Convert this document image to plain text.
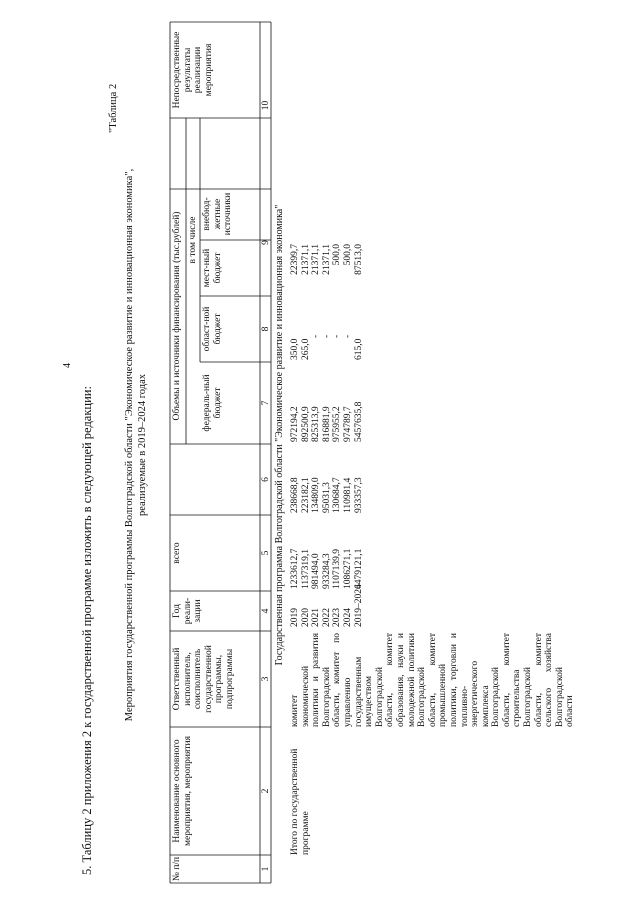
4
5. Таблицу 2 приложения 2 к государственной программе изложить в следующей редакции:
"Таблица 2
Мероприятия государственной программы Волгоградской области "Экономическое развитие и инновационная экономика", реализуемые в 2019–2024 годах
№ п/п
Наименование основного мероприятия, мероприятия
Ответственный исполнитель, соисполнитель государственной программы, подпрограммы
Год реали-зации
всего
Объемы и источники финансирования (тыс.рублей) в том числе
федераль-ный бюджет
област-ной бюджет
мест-ный бюджет
внебюд-жетные источники
Непосредственные результаты реализации мероприятия
1
2
3
4
5
6
7
8
9
10
Государственная программа Волгоградской области "Экономическое развитие и инновационная экономика"
Итого по государственной программе
комитет экономической политики и развития Волгоградской области, комитет по управлению государственным имуществом Волгоградской области, комитет образования, науки и молодежной политики Волгоградской области, комитет промышленной политики, торговли и топливно-энергетического комплекса Волгоградской области, комитет строительства Волгоградской области, комитет сельского хозяйства Волгоградской области
2019 2020 2021 2022 2023 2024 2019–2024
1233612,7 1137319,1 981494,0 933284,3 1107139,9 1086271,1 6479121,1
238668,8 223182,1 134809,0 95031,3 130684,7 110981,4 933357,3
972194,2 892500,9 825313,9 816881,9 975955,2 974789,7 5457635,8
350,0 265,0
- - - -
615,0
22399,7 21371,1 21371,1 21371,1 500,0 500,0 87513,0
